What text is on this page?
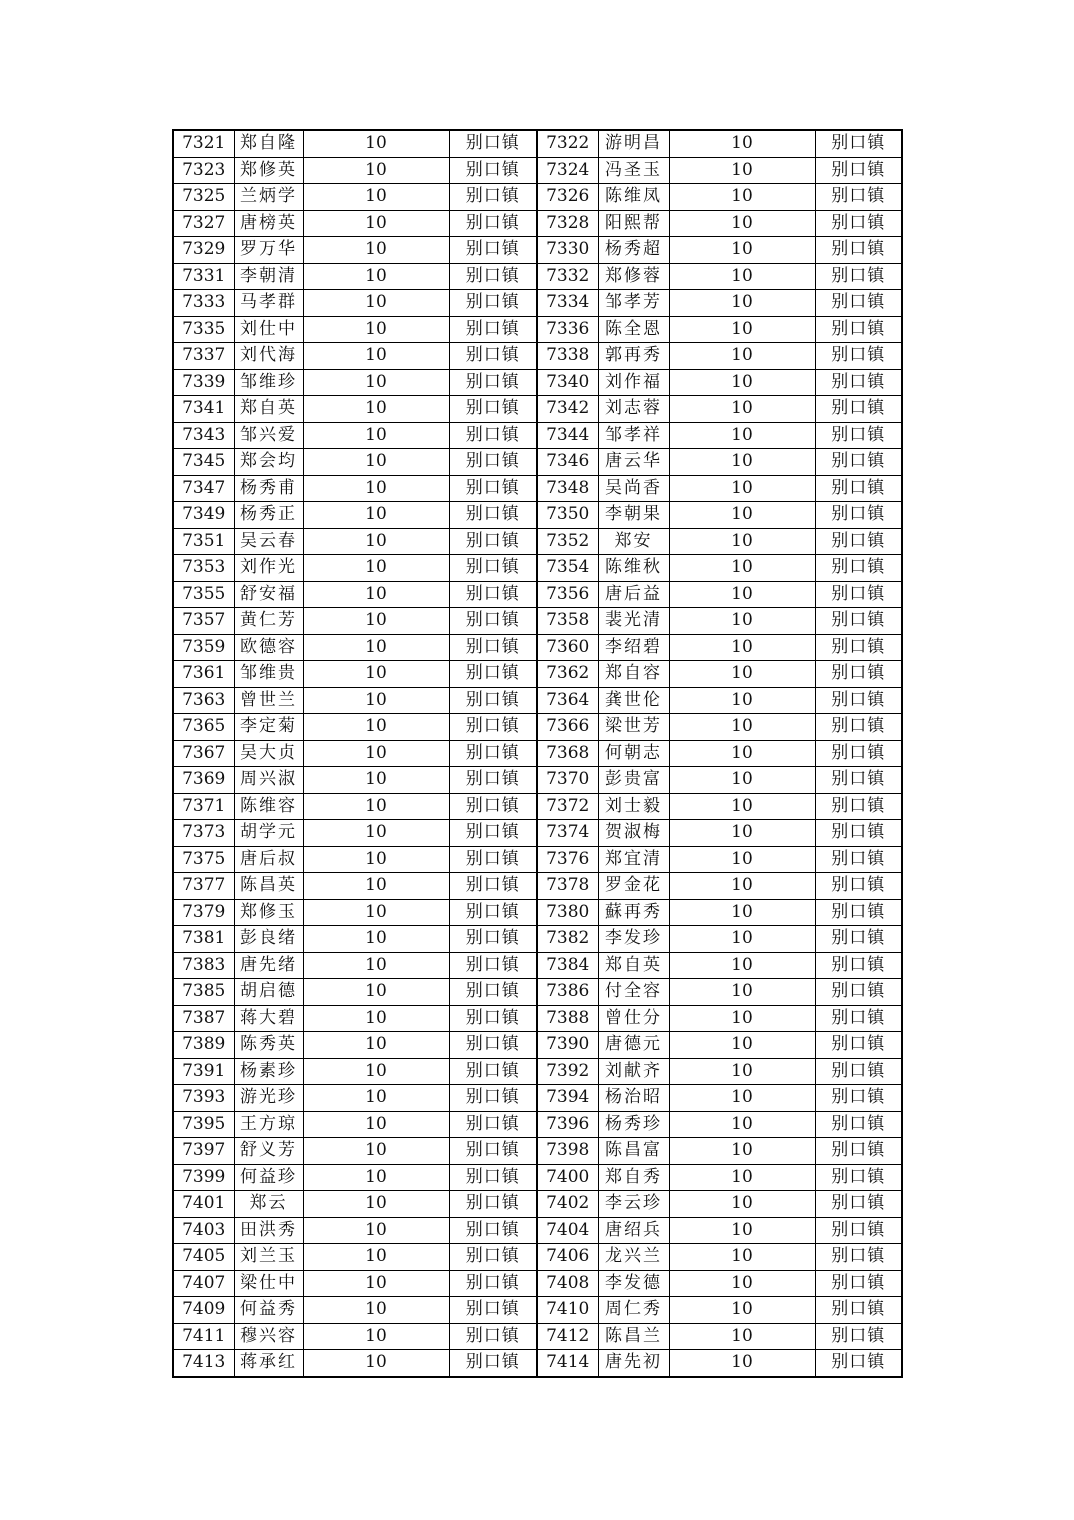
7321	郑自隆	10	别口镇	7322	游明昌	10	别口镇
7323	郑修英	10	别口镇	7324	冯圣玉	10	别口镇
7325	兰炳学	10	别口镇	7326	陈维凤	10	别口镇
7327	唐榜英	10	别口镇	7328	阳熙帮	10	别口镇
7329	罗万华	10	别口镇	7330	杨秀超	10	别口镇
7331	李朝清	10	别口镇	7332	郑修蓉	10	别口镇
7333	马孝群	10	别口镇	7334	邹孝芳	10	别口镇
7335	刘仕中	10	别口镇	7336	陈全恩	10	别口镇
7337	刘代海	10	别口镇	7338	郭再秀	10	别口镇
7339	邹维珍	10	别口镇	7340	刘作福	10	别口镇
7341	郑自英	10	别口镇	7342	刘志蓉	10	别口镇
7343	邹兴爱	10	别口镇	7344	邹孝祥	10	别口镇
7345	郑会均	10	别口镇	7346	唐云华	10	别口镇
7347	杨秀甫	10	别口镇	7348	吴尚香	10	别口镇
7349	杨秀正	10	别口镇	7350	李朝果	10	别口镇
7351	吴云春	10	别口镇	7352	郑安	10	别口镇
7353	刘作光	10	别口镇	7354	陈维秋	10	别口镇
7355	舒安福	10	别口镇	7356	唐后益	10	别口镇
7357	黄仁芳	10	别口镇	7358	裴光清	10	别口镇
7359	欧德容	10	别口镇	7360	李绍碧	10	别口镇
7361	邹维贵	10	别口镇	7362	郑自容	10	别口镇
7363	曾世兰	10	别口镇	7364	龚世伦	10	别口镇
7365	李定菊	10	别口镇	7366	梁世芳	10	别口镇
7367	吴大贞	10	别口镇	7368	何朝志	10	别口镇
7369	周兴淑	10	别口镇	7370	彭贵富	10	别口镇
7371	陈维容	10	别口镇	7372	刘士毅	10	别口镇
7373	胡学元	10	别口镇	7374	贺淑梅	10	别口镇
7375	唐后叔	10	别口镇	7376	郑宜清	10	别口镇
7377	陈昌英	10	别口镇	7378	罗金花	10	别口镇
7379	郑修玉	10	别口镇	7380	蘇再秀	10	别口镇
7381	彭良绪	10	别口镇	7382	李发珍	10	别口镇
7383	唐先绪	10	别口镇	7384	郑自英	10	别口镇
7385	胡启德	10	别口镇	7386	付全容	10	别口镇
7387	蒋大碧	10	别口镇	7388	曾仕分	10	别口镇
7389	陈秀英	10	别口镇	7390	唐德元	10	别口镇
7391	杨素珍	10	别口镇	7392	刘献齐	10	别口镇
7393	游光珍	10	别口镇	7394	杨治昭	10	别口镇
7395	王方琼	10	别口镇	7396	杨秀珍	10	别口镇
7397	舒义芳	10	别口镇	7398	陈昌富	10	别口镇
7399	何益珍	10	别口镇	7400	郑自秀	10	别口镇
7401	郑云	10	别口镇	7402	李云珍	10	别口镇
7403	田洪秀	10	别口镇	7404	唐绍兵	10	别口镇
7405	刘兰玉	10	别口镇	7406	龙兴兰	10	别口镇
7407	梁仕中	10	别口镇	7408	李发德	10	别口镇
7409	何益秀	10	别口镇	7410	周仁秀	10	别口镇
7411	穆兴容	10	别口镇	7412	陈昌兰	10	别口镇
7413	蒋承红	10	别口镇	7414	唐先初	10	别口镇
